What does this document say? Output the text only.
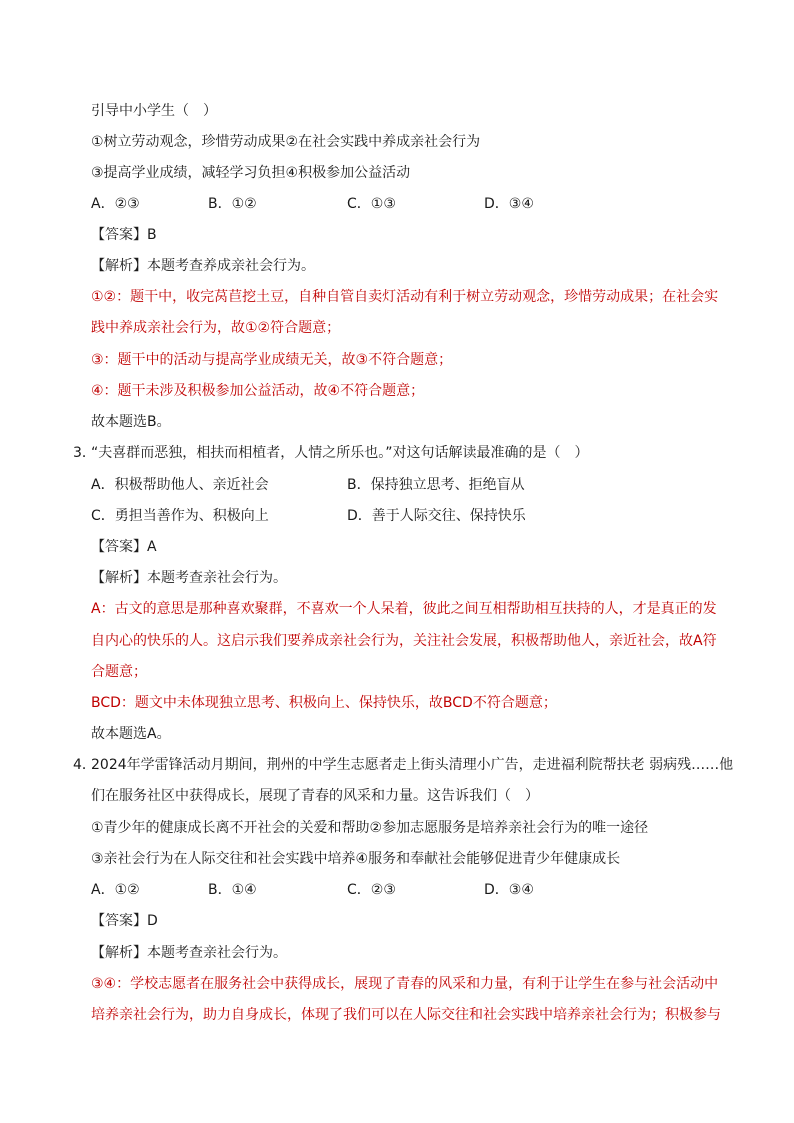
引导中小学生（　）
①树立劳动观念，珍惜劳动成果②在社会实践中养成亲社会行为
③提高学业成绩，减轻学习负担④积极参加公益活动
A．②③	B．①②	C．①③	D．③④
【答案】B
【解析】本题考查养成亲社会行为。
①②：题干中，收完莴苣挖土豆，自种自管自卖灯活动有利于树立劳动观念，珍惜劳动成果；在社会实
践中养成亲社会行为，故①②符合题意；
③：题干中的活动与提高学业成绩无关，故③不符合题意；
④：题干未涉及积极参加公益活动，故④不符合题意；
故本题选B。
3．
“夫喜群而恶独，相扶而相植者，人情之所乐也。”对这句话解读最准确的是（　）
A．积极帮助他人、亲近社会	B．保持独立思考、拒绝盲从
C．勇担当善作为、积极向上	D．善于人际交往、保持快乐
【答案】A
【解析】本题考查亲社会行为。
A：古文的意思是那种喜欢聚群，不喜欢一个人呆着，彼此之间互相帮助相互扶持的人，才是真正的发
自内心的快乐的人。这启示我们要养成亲社会行为，关注社会发展，积极帮助他人，亲近社会，故A符
合题意；
BCD：题文中未体现独立思考、积极向上、保持快乐，故BCD不符合题意；
故本题选A。
4．
2024年学雷锋活动月期间，荆州的中学生志愿者走上街头清理小广告，走进福利院帮扶老 弱病残……他
们在服务社区中获得成长，展现了青春的风采和力量。这告诉我们（　）
①青少年的健康成长离不开社会的关爱和帮助②参加志愿服务是培养亲社会行为的唯一途径
③亲社会行为在人际交往和社会实践中培养④服务和奉献社会能够促进青少年健康成长
A．①②	B．①④	C．②③	D．③④
【答案】D
【解析】本题考查亲社会行为。
③④：学校志愿者在服务社会中获得成长，展现了青春的风采和力量，有利于让学生在参与社会活动中
培养亲社会行为，助力自身成长，体现了我们可以在人际交往和社会实践中培养亲社会行为；积极参与
